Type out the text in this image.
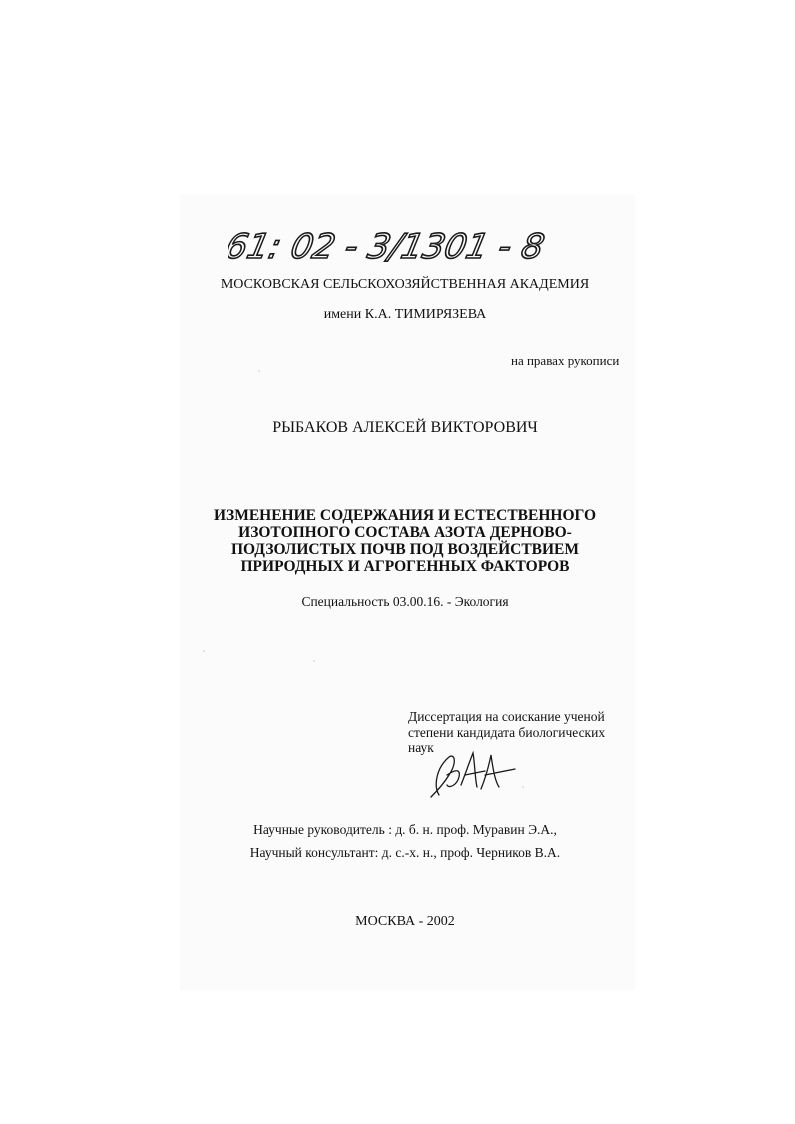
61: 02 - 3/1301 - 8
МОСКОВСКАЯ СЕЛЬСКОХОЗЯЙСТВЕННАЯ АКАДЕМИЯ
имени К.А. ТИМИРЯЗЕВА
на правах рукописи
РЫБАКОВ АЛЕКСЕЙ ВИКТОРОВИЧ
ИЗМЕНЕНИЕ СОДЕРЖАНИЯ И ЕСТЕСТВЕННОГО
ИЗОТОПНОГО СОСТАВА АЗОТА ДЕРНОВО-
ПОДЗОЛИСТЫХ ПОЧВ ПОД ВОЗДЕЙСТВИЕМ
ПРИРОДНЫХ И АГРОГЕННЫХ ФАКТОРОВ
Специальность 03.00.16. - Экология
Диссертация на соискание ученой
степени кандидата биологических
наук
Научные руководитель : д. б. н. проф. Муравин Э.А.,
Научный консультант: д. с.-х. н., проф. Черников В.А.
МОСКВА - 2002
